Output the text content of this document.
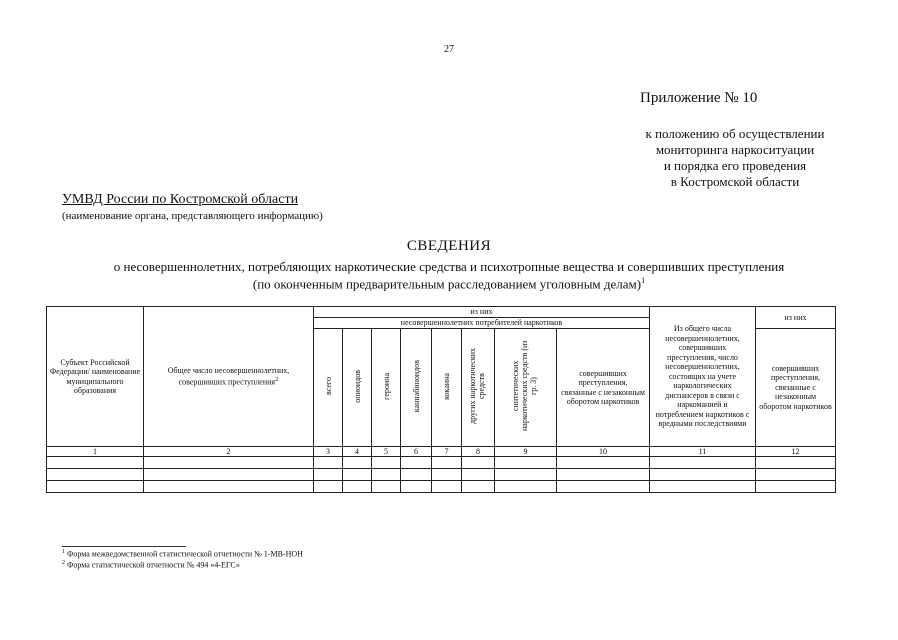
27
Приложение № 10
к положению об осуществлении
мониторинга наркоситуации
и порядка его проведения
в Костромской области
УМВД России по Костромской области
(наименование органа, представляющего информацию)
СВЕДЕНИЯ
о несовершеннолетних, потребляющих наркотические средства и психотропные вещества и совершивших преступления
(по оконченным предварительным расследованием уголовным делам)$^1$
Субъект Российской Федерации/ наименование муниципального образования	Общее число несовершеннолетних, совершивших преступления$^2$	из них								Из общего числа несовершеннолетних, совершивших преступления, число несовершеннолетних, состоящих на учете наркологических диспансеров в связи с наркоманией и потреблением наркотиков с вредными последствиями	из них
		несовершеннолетних потребителей наркотиков									
		всего	опиоидов	героина	каннабиноидов	кокаина	других наркотических средств	синтетических наркотических средств (из гр. 3)	совершивших преступления, связанные с незаконным оборотом наркотиков		совершивших преступления, связанные с незаконным оборотом наркотиков
1	2	3	4	5	6	7	8	9	10	11	12

$^1$ Форма межведомственной статистической отчетности № 1-МВ-НОН
$^2$ Форма статистической отчетности № 494 «4-ЕГС»
